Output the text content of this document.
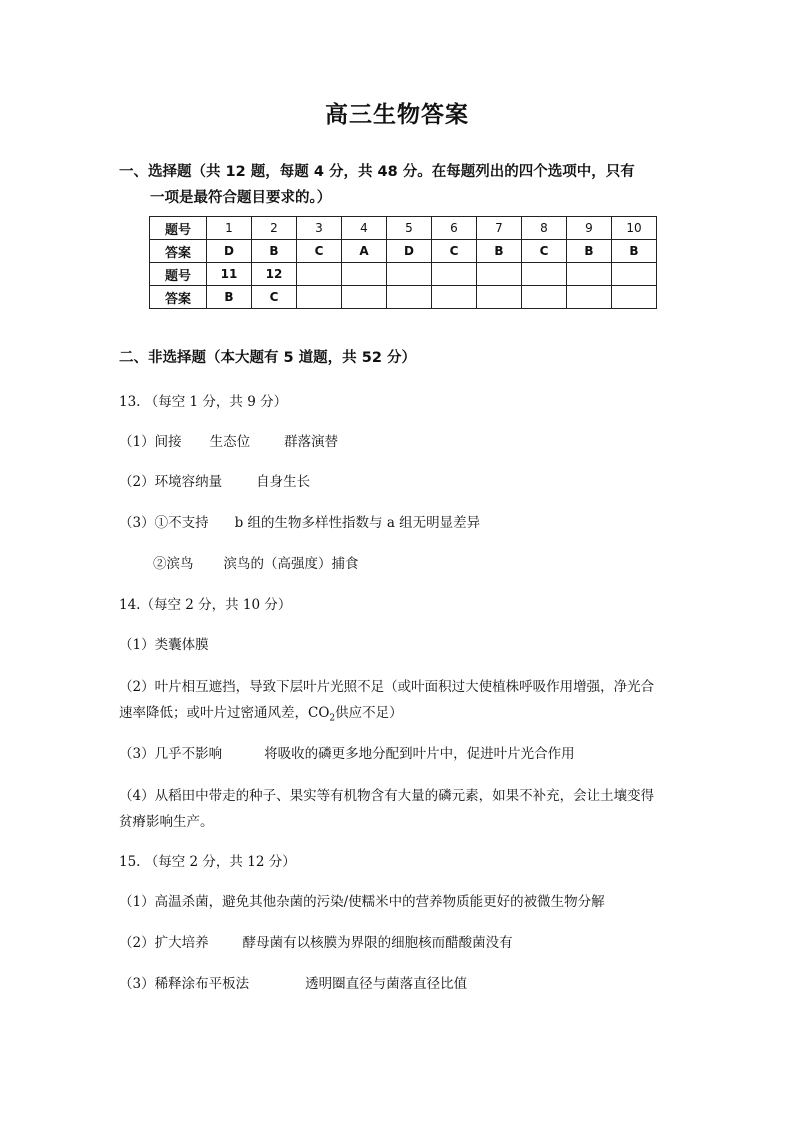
高三生物答案
一、选择题（共 12 题，每题 4 分，共 48 分。在每题列出的四个选项中，只有
一项是最符合题目要求的。）
题号	1	2	3	4	5	6	7	8	9	10
答案	D	B	C	A	D	C	B	C	B	B
题号	11	12								
答案	B	C								
二、非选择题（本大题有 5 道题，共 52 分）
13. （每空 1 分，共 9 分）
（1）间接 生态位	群落演替
（2）环境容纳量	自身生长
（3）①不支持 b 组的生物多样性指数与 a 组无明显差异
②滨鸟 滨鸟的（高强度）捕食
14.（每空 2 分，共 10 分）
（1）类囊体膜
（2）叶片相互遮挡，导致下层叶片光照不足（或叶面积过大使植株呼吸作用增强，净光合
速率降低；或叶片过密通风差，$CO_2$供应不足）
（3）几乎不影响	将吸收的磷更多地分配到叶片中，促进叶片光合作用
（4）从稻田中带走的种子、果实等有机物含有大量的磷元素，如果不补充，会让土壤变得
贫瘠影响生产。
15. （每空 2 分，共 12 分）
（1）高温杀菌，避免其他杂菌的污染/使糯米中的营养物质能更好的被微生物分解
（2）扩大培养	酵母菌有以核膜为界限的细胞核而醋酸菌没有
（3）稀释涂布平板法	透明圈直径与菌落直径比值
